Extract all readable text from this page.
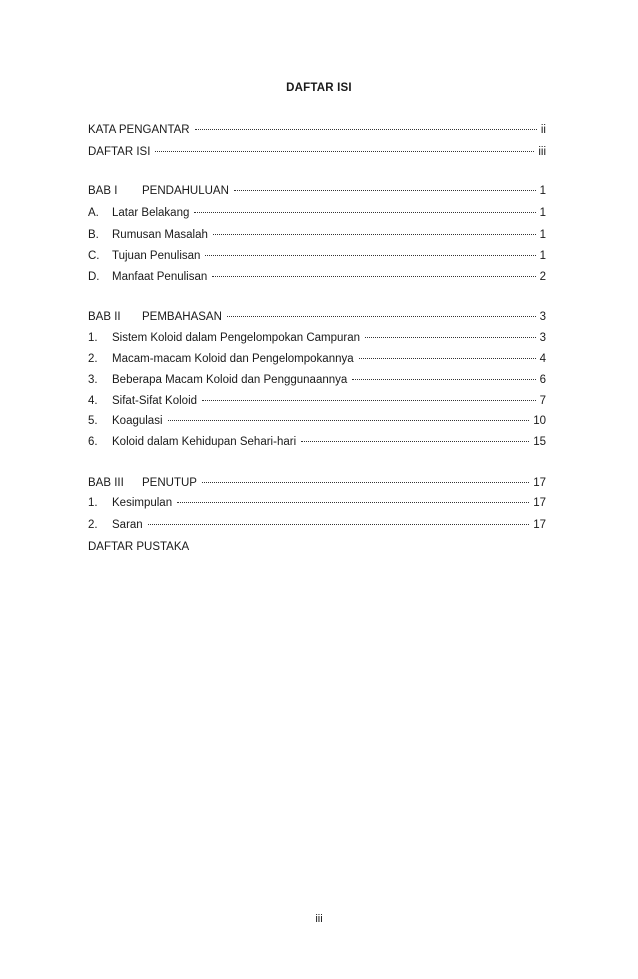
DAFTAR ISI
KATA PENGANTAR	ii
DAFTAR ISI	iii
BAB I	PENDAHULUAN	1
A.	Latar Belakang	1
B.	Rumusan Masalah	1
C.	Tujuan Penulisan	1
D.	Manfaat Penulisan	2
BAB II	PEMBAHASAN	3
1.	Sistem Koloid dalam Pengelompokan Campuran	3
2.	Macam-macam Koloid dan Pengelompokannya	4
3.	Beberapa Macam Koloid dan Penggunaannya	6
4.	Sifat-Sifat Koloid	7
5.	Koagulasi	10
6.	Koloid dalam Kehidupan Sehari-hari	15
BAB III	PENUTUP	17
1.	Kesimpulan	17
2.	Saran	17
DAFTAR PUSTAKA
iii
